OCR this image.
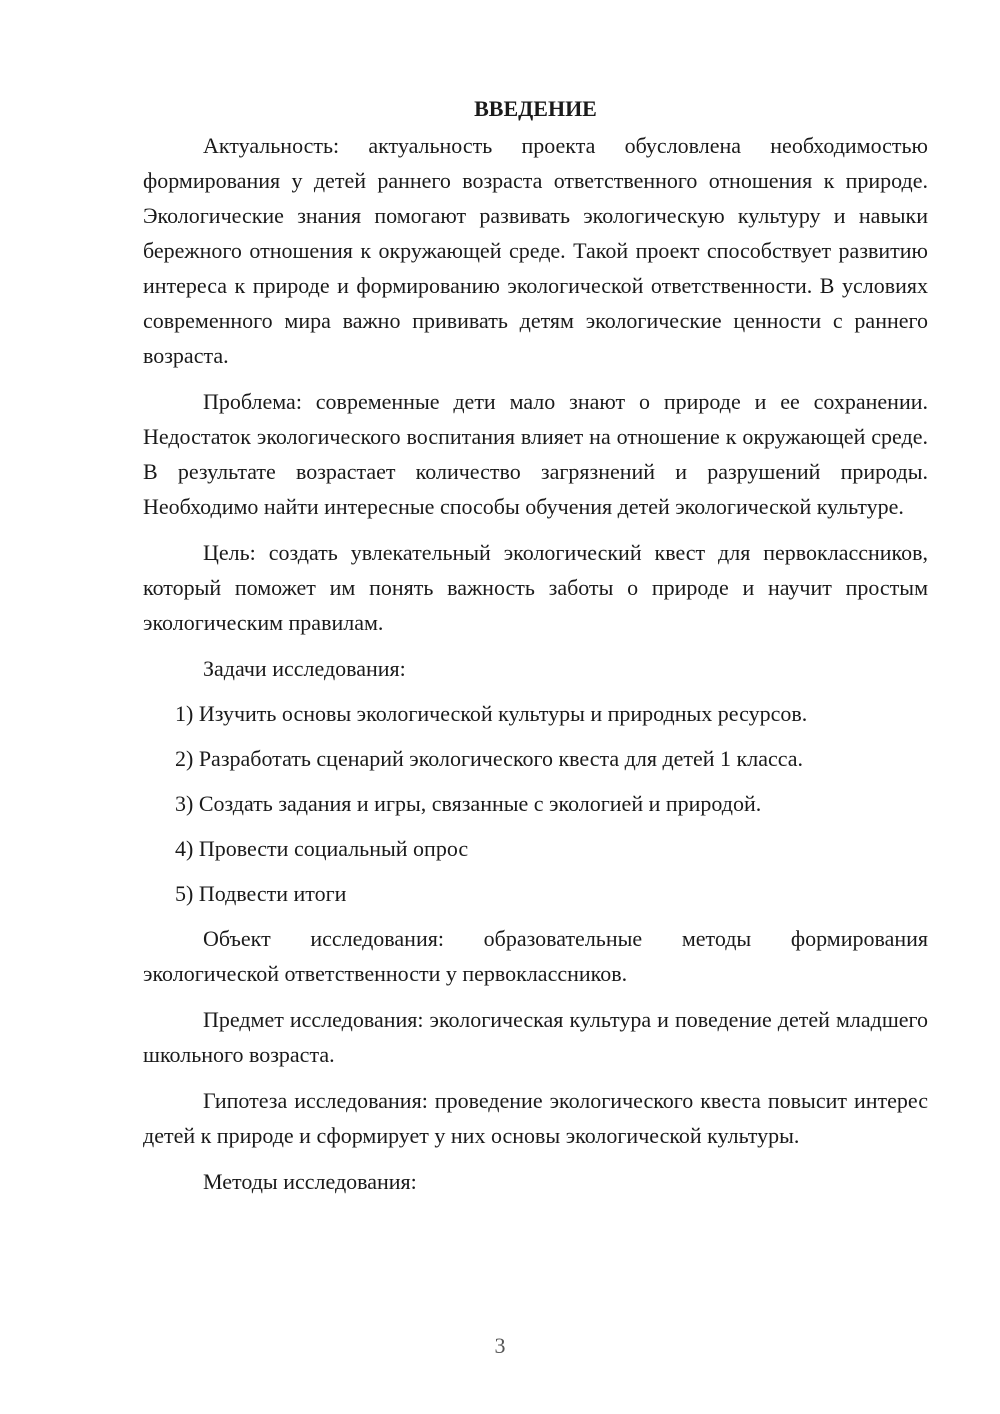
ВВЕДЕНИЕ

Актуальность: актуальность проекта обусловлена необходимостью формирования у детей раннего возраста ответственного отношения к природе. Экологические знания помогают развивать экологическую культуру и навыки бережного отношения к окружающей среде. Такой проект способствует развитию интереса к природе и формированию экологической ответственности. В условиях современного мира важно прививать детям экологические ценности с раннего возраста.

Проблема: современные дети мало знают о природе и ее сохранении. Недостаток экологического воспитания влияет на отношение к окружающей среде. В результате возрастает количество загрязнений и разрушений природы. Необходимо найти интересные способы обучения детей экологической культуре.

Цель: создать увлекательный экологический квест для первоклассников, который поможет им понять важность заботы о природе и научит простым экологическим правилам.

Задачи исследования:

1) Изучить основы экологической культуры и природных ресурсов.
2) Разработать сценарий экологического квеста для детей 1 класса.
3) Создать задания и игры, связанные с экологией и природой.
4) Провести социальный опрос
5) Подвести итоги

Объект исследования: образовательные методы формирования экологической ответственности у первоклассников.

Предмет исследования: экологическая культура и поведение детей младшего школьного возраста.

Гипотеза исследования: проведение экологического квеста повысит интерес детей к природе и сформирует у них основы экологической культуры.

Методы исследования:

3
